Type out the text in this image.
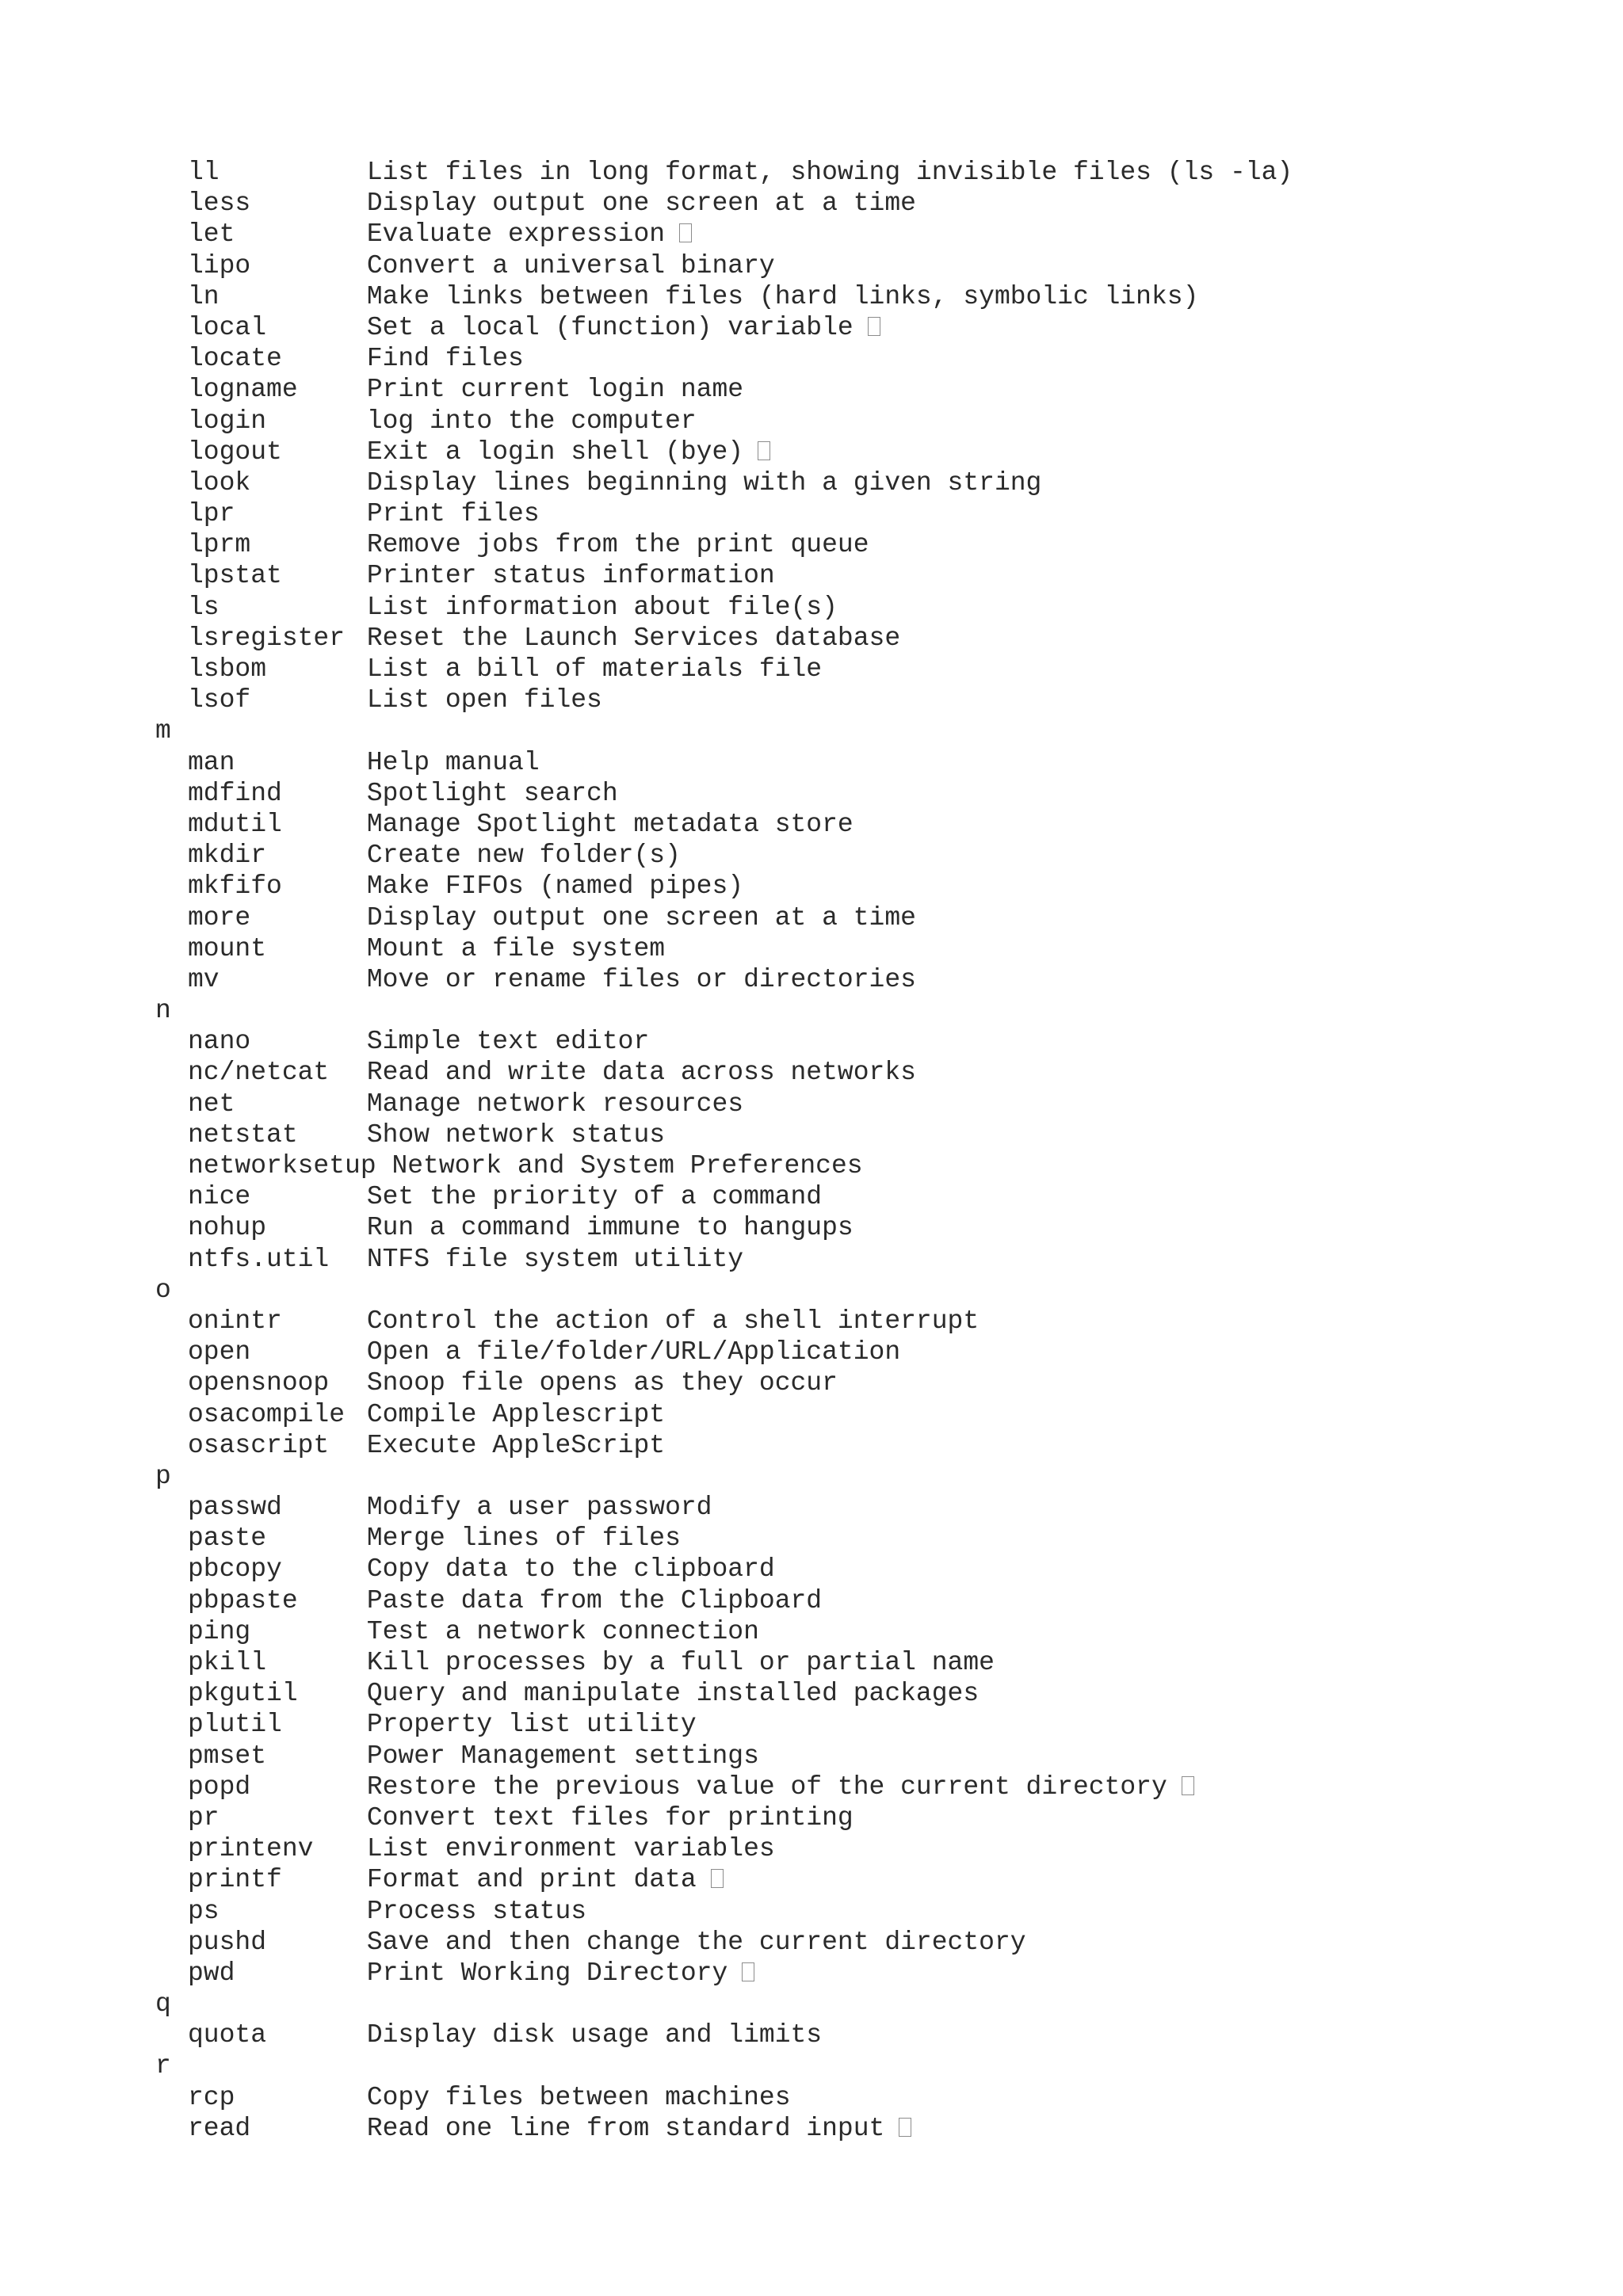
ll	List files in long format, showing invisible files (ls -la)
less	Display output one screen at a time
let	Evaluate expression
lipo	Convert a universal binary
ln	Make links between files (hard links, symbolic links)
local	Set a local (function) variable
locate	Find files
logname	Print current login name
login	log into the computer
logout	Exit a login shell (bye)
look	Display lines beginning with a given string
lpr	Print files
lprm	Remove jobs from the print queue
lpstat	Printer status information
ls	List information about file(s)
lsregister Reset the Launch Services database
lsbom	List a bill of materials file
lsof	List open files
m
man	Help manual
mdfind	Spotlight search
mdutil	Manage Spotlight metadata store
mkdir	Create new folder(s)
mkfifo	Make FIFOs (named pipes)
more	Display output one screen at a time
mount	Mount a file system
mv	Move or rename files or directories
n
nano	Simple text editor
nc/netcat Read and write data across networks
net	Manage network resources
netstat	Show network status
networksetup Network and System Preferences
nice	Set the priority of a command
nohup	Run a command immune to hangups
ntfs.util NTFS file system utility
o
onintr	Control the action of a shell interrupt
open	Open a file/folder/URL/Application
opensnoop Snoop file opens as they occur
osacompile Compile Applescript
osascript Execute AppleScript
p
passwd	Modify a user password
paste	Merge lines of files
pbcopy	Copy data to the clipboard
pbpaste	Paste data from the Clipboard
ping	Test a network connection
pkill	Kill processes by a full or partial name
pkgutil	Query and manipulate installed packages
plutil	Property list utility
pmset	Power Management settings
popd	Restore the previous value of the current directory
pr	Convert text files for printing
printenv List environment variables
printf	Format and print data
ps	Process status
pushd	Save and then change the current directory
pwd	Print Working Directory
q
quota	Display disk usage and limits
r
rcp	Copy files between machines
read	Read one line from standard input
